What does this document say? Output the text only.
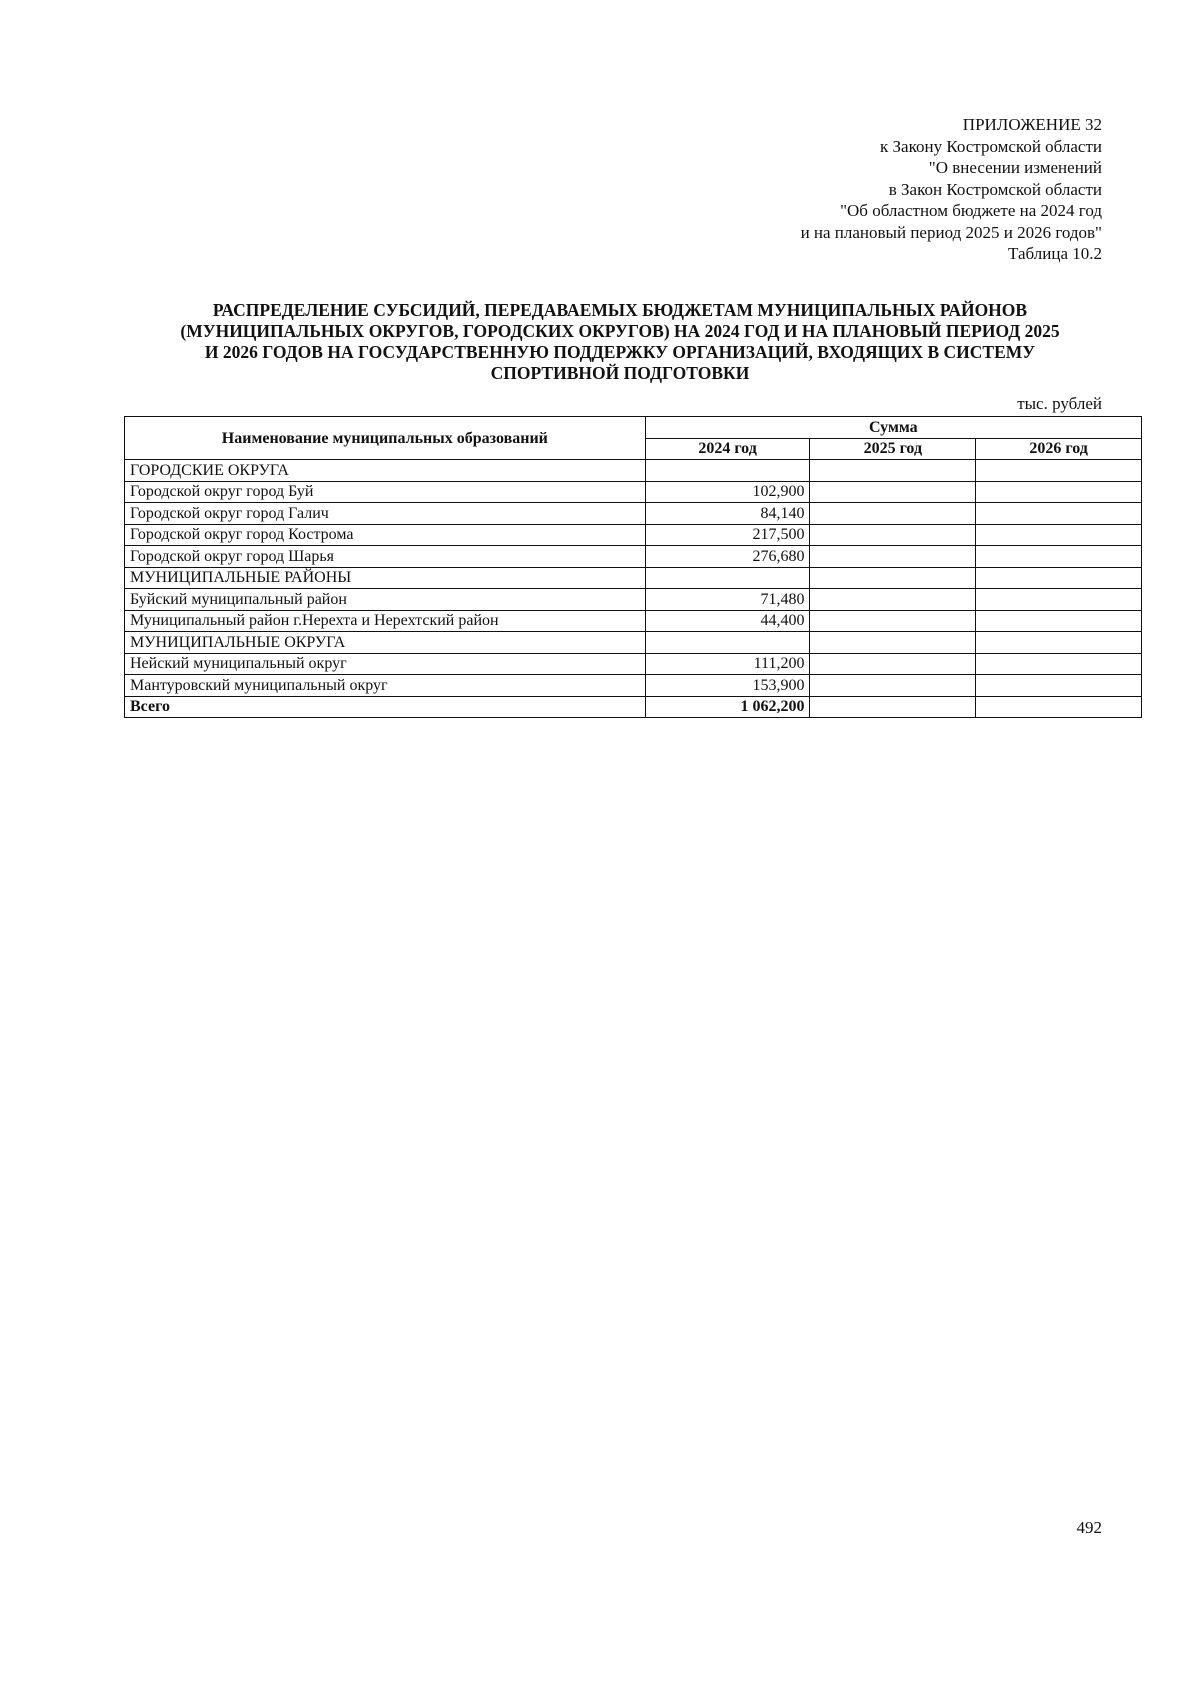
ПРИЛОЖЕНИЕ 32
к Закону Костромской области
"О внесении изменений
в Закон Костромской области
"Об областном бюджете на 2024 год
и на плановый период 2025 и 2026 годов"
Таблица 10.2
РАСПРЕДЕЛЕНИЕ СУБСИДИЙ, ПЕРЕДАВАЕМЫХ БЮДЖЕТАМ МУНИЦИПАЛЬНЫХ РАЙОНОВ
(МУНИЦИПАЛЬНЫХ ОКРУГОВ, ГОРОДСКИХ ОКРУГОВ) НА 2024 ГОД И НА ПЛАНОВЫЙ ПЕРИОД 2025
И 2026 ГОДОВ НА ГОСУДАРСТВЕННУЮ ПОДДЕРЖКУ ОРГАНИЗАЦИЙ, ВХОДЯЩИХ В СИСТЕМУ
СПОРТИВНОЙ ПОДГОТОВКИ
тыс. рублей
Наименование муниципальных образований	Сумма		
	2024 год	2025 год	2026 год
ГОРОДСКИЕ ОКРУГА			
Городской округ город Буй	102,900		
Городской округ город Галич	84,140		
Городской округ город Кострома	217,500		
Городской округ город Шарья	276,680		
МУНИЦИПАЛЬНЫЕ РАЙОНЫ			
Буйский муниципальный район	71,480		
Муниципальный район г.Нерехта и Нерехтский район	44,400		
МУНИЦИПАЛЬНЫЕ ОКРУГА			
Нейский муниципальный округ	111,200		
Мантуровский муниципальный округ	153,900		
Всего	1 062,200		
492
